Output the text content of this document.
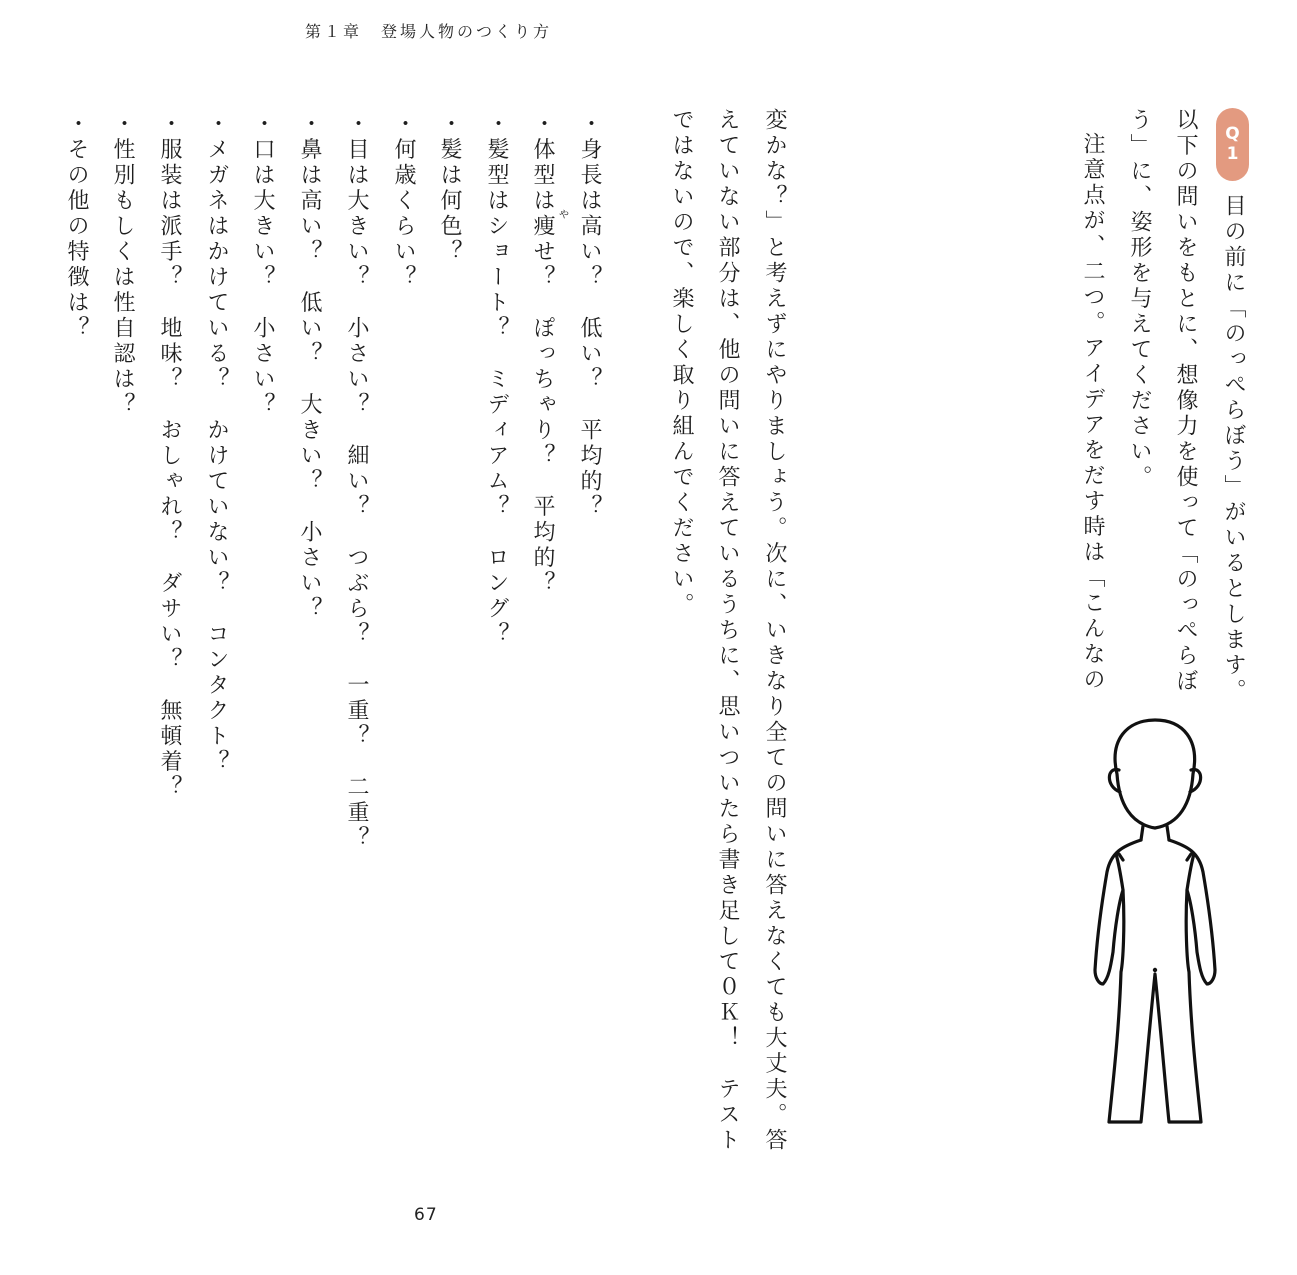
第１章　登場人物のつくり方
Q
1
目の前に「のっぺらぼう」がいるとします。
以下の問いをもとに、想像力を使って「のっぺらぼ
う」に、姿形を与えてください。
注意点が、二つ。アイデアをだす時は「こんなの
変かな？」と考えずにやりましょう。次に、いきなり全ての問いに答えなくても大丈夫。答
えていない部分は、他の問いに答えているうちに、思いついたら書き足して０Ｋ！　テスト
ではないので、楽しく取り組んでください。
・身長は高い？　低い？　平均的？
・体型は痩せ？　ぽっちゃり？　平均的？ や
・髪型はショート？　ミディアム？　ロング？
・髪は何色？
・何歳くらい？
・目は大きい？　小さい？　細い？　つぶら？　一重？　二重？
・鼻は高い？　低い？　大きい？　小さい？
・口は大きい？　小さい？
・メガネはかけている？　かけていない？　コンタクト？
・服装は派手？　地味？　おしゃれ？　ダサい？　無頓着？
・性別もしくは性自認は？
・その他の特徴は？
67
